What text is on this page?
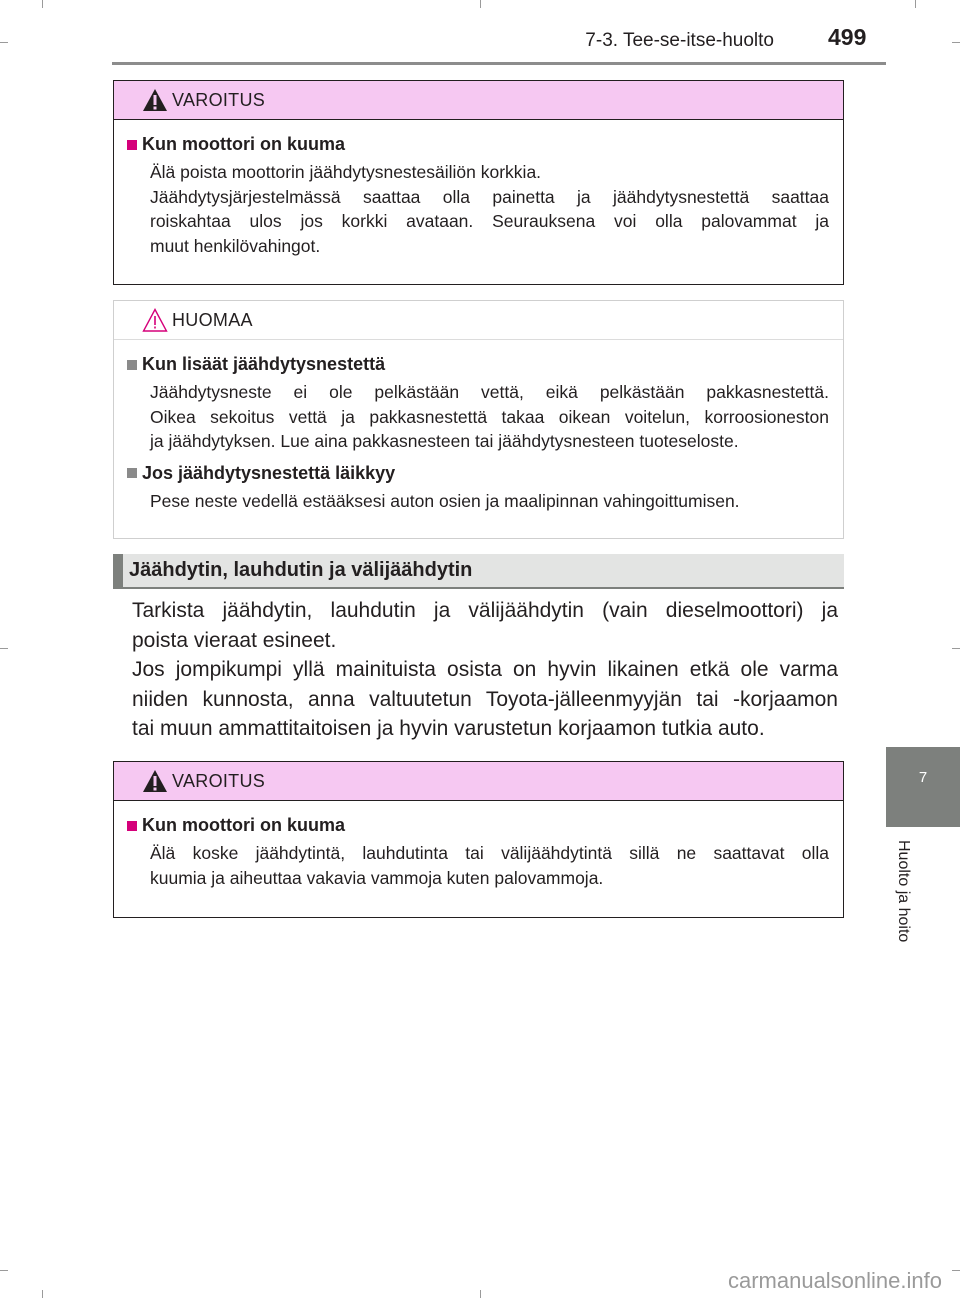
7-3. Tee-se-itse-huolto 499
7
Huolto ja hoito
VAROITUS
Kun moottori on kuuma
Älä poista moottorin jäähdytysnestesäiliön korkkia.
Jäähdytysjärjestelmässä saattaa olla painetta ja jäähdytysnestettä saattaa
roiskahtaa ulos jos korkki avataan. Seurauksena voi olla palovammat ja
muut henkilövahingot.
HUOMAA
Kun lisäät jäähdytysnestettä
Jäähdytysneste ei ole pelkästään vettä, eikä pelkästään pakkasnestettä.
Oikea sekoitus vettä ja pakkasnestettä takaa oikean voitelun, korroosioneston
ja jäähdytyksen. Lue aina pakkasnesteen tai jäähdytysnesteen tuoteseloste.
Jos jäähdytysnestettä läikkyy
Pese neste vedellä estääksesi auton osien ja maalipinnan vahingoittumisen.
Jäähdytin, lauhdutin ja välijäähdytin
Tarkista jäähdytin, lauhdutin ja välijäähdytin (vain dieselmoottori) ja
poista vieraat esineet.
Jos jompikumpi yllä mainituista osista on hyvin likainen etkä ole varma
niiden kunnosta, anna valtuutetun Toyota-jälleenmyyjän tai -korjaamon
tai muun ammattitaitoisen ja hyvin varustetun korjaamon tutkia auto.
VAROITUS
Kun moottori on kuuma
Älä koske jäähdytintä, lauhdutinta tai välijäähdytintä sillä ne saattavat olla
kuumia ja aiheuttaa vakavia vammoja kuten palovammoja.
carmanualsonline.info
